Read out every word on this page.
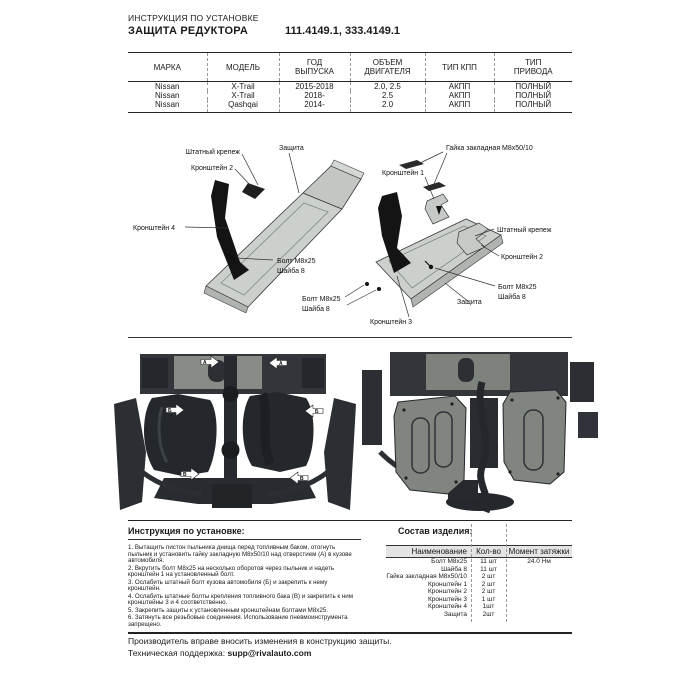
ИНСТРУКЦИЯ ПО УСТАНОВКЕ
ЗАЩИТА РЕДУКТОРА	111.4149.1, 333.4149.1
МАРКА	МОДЕЛЬ	ГОД ВЫПУСКА	ОБЪЕМ ДВИГАТЕЛЯ	ТИП КПП	ТИП ПРИВОДА

Nissan	X-Trail	2015-2018	2.0, 2.5	АКПП	ПОЛНЫЙ
Nissan	X-Trail	2018-	2.5	АКПП	ПОЛНЫЙ
Nissan	Qashqai	2014-	2.0	АКПП	ПОЛНЫЙ
Штатный крепеж
Защита
Кронштейн 2
Кронштейн 4
Болт M8x25
Шайба 8
Гайка закладная M8x50/10
Кронштейн 1
Штатный крепеж
Кронштейн 2
Болт M8x25
Шайба 8
Болт M8x25
Шайба 8
Кронштейн 3
Защита
А	А
Б	Б
В
В
Инструкция по установке:

1. Вытащить пистон пыльника днища перед топливным баком, отогнуть пыльник и установить гайку закладную M8x50/10 над отверстием (А) в кузове автомобиля.

2. Вкрутить болт M8x25 на несколько оборотов через пыльник и надеть кронштейн 1 на установленный болт.

3. Ослабить штатный болт кузова автомобиля (Б) и закрепить к нему кронштейн.

4. Ослабить штатные болты крепления топливного бака (В) и закрепить к ним кронштейны 3 и 4 соответственно.

5. Закрепить защиты к установленным кронштейнам болтами M8x25.

6. Затянуть все резьбовые соединения. Использование пневмоинструмента запрещено.

Состав изделия:
Наименование	Кол-во	Момент затяжки
Болт M8x25	11 шт	24.0 Нм
Шайба 8	11 шт	
Гайка закладная M8x50/10	2 шт	
Кронштейн 1	2 шт	
Кронштейн 2	2 шт	
Кронштейн 3	1 шт	
Кронштейн 4	1шт	
Защита	2шт	
Производитель вправе вносить изменения в конструкцию защиты.
Техническая поддержка: supp@rivalauto.com
